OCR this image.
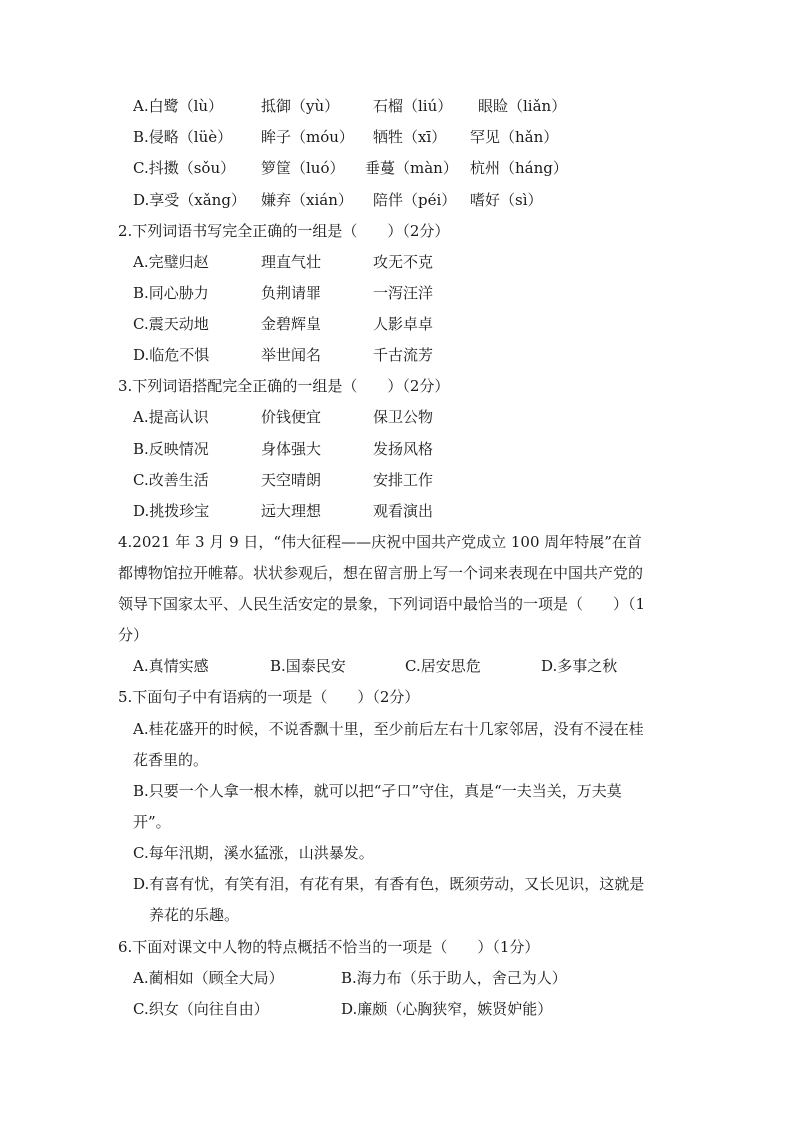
A.白鹭（lù）	抵御（yù） 石榴（liú） 眼睑（liǎn）
B.侵略（lüè） 眸子（móu） 牺牲（xī） 罕见（hǎn）
C.抖擞（sǒu） 箩筐（luó） 垂蔓（màn） 杭州（háng）
D.享受（xǎng） 嫌弃（xián） 陪伴（péi） 嗜好（sì）
2.下列词语书写完全正确的一组是（　　）（2分）
A.完璧归赵	理直气壮	攻无不克
B.同心胁力	负荆请罪	一泻汪洋
C.震天动地	金碧辉皇	人影卓卓
D.临危不惧	举世闻名	千古流芳
3.下列词语搭配完全正确的一组是（　　）（2分）
A.提高认识	价钱便宜	保卫公物
B.反映情况	身体强大	发扬风格
C.改善生活	天空晴朗	安排工作
D.挑拨珍宝	远大理想	观看演出
4.2021 年 3 月 9 日，“伟大征程——庆祝中国共产党成立 100 周年特展”在首
都博物馆拉开帷幕。状状参观后，想在留言册上写一个词来表现在中国共产党的
领导下国家太平、人民生活安定的景象，下列词语中最恰当的一项是（　　）（1
分）
A.真情实感	B.国泰民安	C.居安思危	D.多事之秋
5.下面句子中有语病的一项是（　　）（2分）
A.桂花盛开的时候，不说香飘十里，至少前后左右十几家邻居，没有不浸在桂
花香里的。
B.只要一个人拿一根木棒，就可以把“孑口”守住，真是“一夫当关，万夫莫
开”。
C.每年汛期，溪水猛涨，山洪暴发。
D.有喜有忧，有笑有泪，有花有果，有香有色，既须劳动，又长见识，这就是
养花的乐趣。
6.下面对课文中人物的特点概括不恰当的一项是（　　）（1分）
A.蔺相如（顾全大局）	B.海力布（乐于助人，舍己为人）
C.织女（向往自由）	D.廉颇（心胸狭窄，嫉贤妒能）
